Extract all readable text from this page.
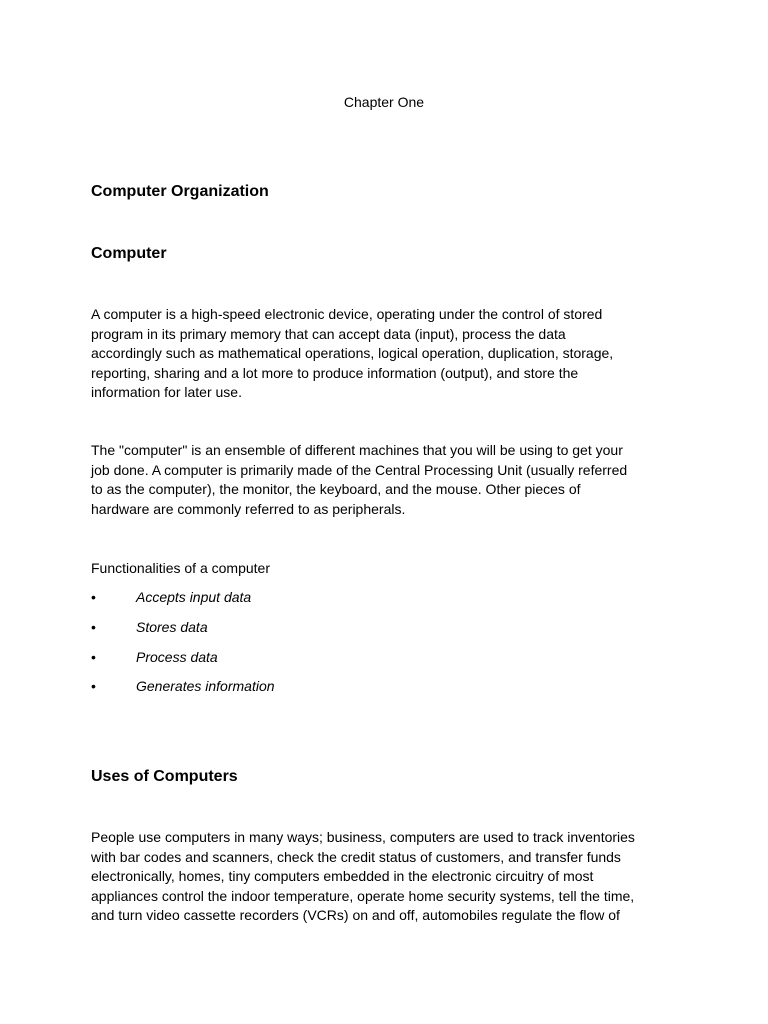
Chapter One
Computer Organization
Computer
A computer is a high-speed electronic device, operating under the control of stored
program in its primary memory that can accept data (input), process the data
accordingly such as mathematical operations, logical operation, duplication, storage,
reporting, sharing and a lot more to produce information (output), and store the
information for later use.
The "computer" is an ensemble of different machines that you will be using to get your
job done. A computer is primarily made of the Central Processing Unit (usually referred
to as the computer), the monitor, the keyboard, and the mouse. Other pieces of
hardware are commonly referred to as peripherals.
Functionalities of a computer
•	Accepts input data
•	Stores data
•	Process data
•	Generates information
Uses of Computers
People use computers in many ways; business, computers are used to track inventories
with bar codes and scanners, check the credit status of customers, and transfer funds
electronically, homes, tiny computers embedded in the electronic circuitry of most
appliances control the indoor temperature, operate home security systems, tell the time,
and turn video cassette recorders (VCRs) on and off, automobiles regulate the flow of
